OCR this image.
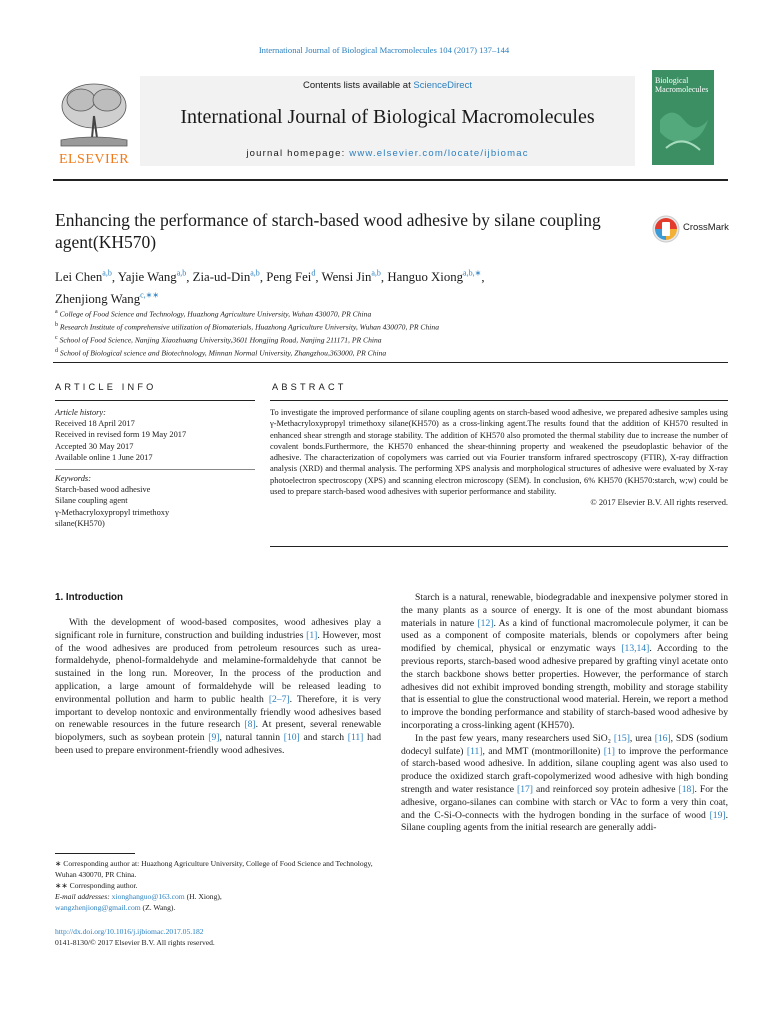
International Journal of Biological Macromolecules 104 (2017) 137–144
ELSEVIER
Contents lists available at ScienceDirect
International Journal of Biological Macromolecules
journal homepage: www.elsevier.com/locate/ijbiomac
Biological
Macromolecules
Enhancing the performance of starch-based wood adhesive by silane coupling agent(KH570)
CrossMark
Lei Chen$^{a,b}$, Yajie Wang$^{a,b}$, Zia-ud-Din$^{a,b}$, Peng Fei$^d$, Wensi Jin$^{a,b}$, Hanguo Xiong$^{a,b,∗}$,
Zhenjiong Wang$^{c,∗∗}$
$^a$ College of Food Science and Technology, Huazhong Agriculture University, Wuhan 430070, PR China
$^b$ Research Institute of comprehensive utilization of Biomaterials, Huazhong Agriculture University, Wuhan 430070, PR China
$^c$ School of Food Science, Nanjing Xiaozhuang University,3601 Hongjing Road, Nanjing 211171, PR China
$^d$ School of Biological science and Biotechnology, Minnan Normal University, Zhangzhou,363000, PR China
ARTICLE INFO	ABSTRACT
Article history:
Received 18 April 2017
Received in revised form 19 May 2017
Accepted 30 May 2017
Available online 1 June 2017
Keywords:
Starch-based wood adhesive
Silane coupling agent
γ-Methacryloxypropyl trimethoxy
silane(KH570)
To investigate the improved performance of silane coupling agents on starch-based wood adhesive, we prepared adhesive samples using γ-Methacryloxypropyl trimethoxy silane(KH570) as a cross-linking agent.The results found that the addition of KH570 resulted in enhanced shear strength and storage stability. The addition of KH570 also promoted the thermal stability due to increase the number of covalent bonds.Furthermore, the KH570 enhanced the shear-thinning property and weakened the pseudoplastic behavior of the adhesive. The characterization of copolymers was carried out via Fourier transform infrared spectroscopy (FTIR), X-ray diffraction analysis (XRD) and thermal analysis. The performing XPS analysis and morphological structures of adhesive were evaluated by X-ray photoelectron spectroscopy (XPS) and scanning electron microscopy (SEM). In conclusion, 6% KH570 (KH570:starch, w;w) could be used to prepare starch-based wood adhesives with superior performance and stability.
© 2017 Elsevier B.V. All rights reserved.
1. Introduction

With the development of wood-based composites, wood adhesives play a significant role in furniture, construction and building industries [1]. However, most of the wood adhesives are produced from petroleum resources such as urea-formaldehyde, phenol-formaldehyde and melamine-formaldehyde that cannot be sustained in the long run. Moreover, In the process of the production and application, a large amount of formaldehyde will be released leading to environmental pollution and harm to public health [2–7]. Therefore, it is very important to develop nontoxic and environmentally friendly wood adhesives based on renewable resources in the future research [8]. At present, several renewable biopolymers, such as soybean protein [9], natural tannin [10] and starch [11] had been used to prepare environment-friendly wood adhesives.

Starch is a natural, renewable, biodegradable and inexpensive polymer stored in the many plants as a source of energy. It is one of the most abundant biomass materials in nature [12]. As a kind of functional macromolecule polymer, it can be used as a component of composite materials, blends or copolymers after being modified by chemical, physical or enzymatic ways [13,14]. According to the previous reports, starch-based wood adhesive prepared by grafting vinyl acetate onto the starch backbone shows better properties. However, the performance of starch adhesives did not exhibit improved bonding strength, mobility and storage stability that is essential to glue the constructional wood material. Herein, we report a method to improve the bonding performance and stability of starch-based wood adhesive by incorporating a cross-linking agent (KH570).

In the past few years, many researchers used SiO₂ [15], urea [16], SDS (sodium dodecyl sulfate) [11], and MMT (montmorillonite) [1] to improve the performance of starch-based wood adhesive. In addition, silane coupling agent was also used to produce the oxidized starch graft-copolymerized wood adhesive with high bonding strength and water resistance [17] and reinforced soy protein adhesive [18]. For the adhesive, organo-silanes can combine with starch or VAc to form a very thin coat, and the C-Si-O-connects with the hydrogen bonding in the surface of wood [19]. Silane coupling agents from the initial research are generally addi-

∗ Corresponding author at: Huazhong Agriculture University, College of Food Science and Technology, Wuhan 430070, PR China.
∗∗ Corresponding author.
E-mail addresses: xionghanguo@163.com (H. Xiong),
wangzhenjiong@gmail.com (Z. Wang).
http://dx.doi.org/10.1016/j.ijbiomac.2017.05.182
0141-8130/© 2017 Elsevier B.V. All rights reserved.
